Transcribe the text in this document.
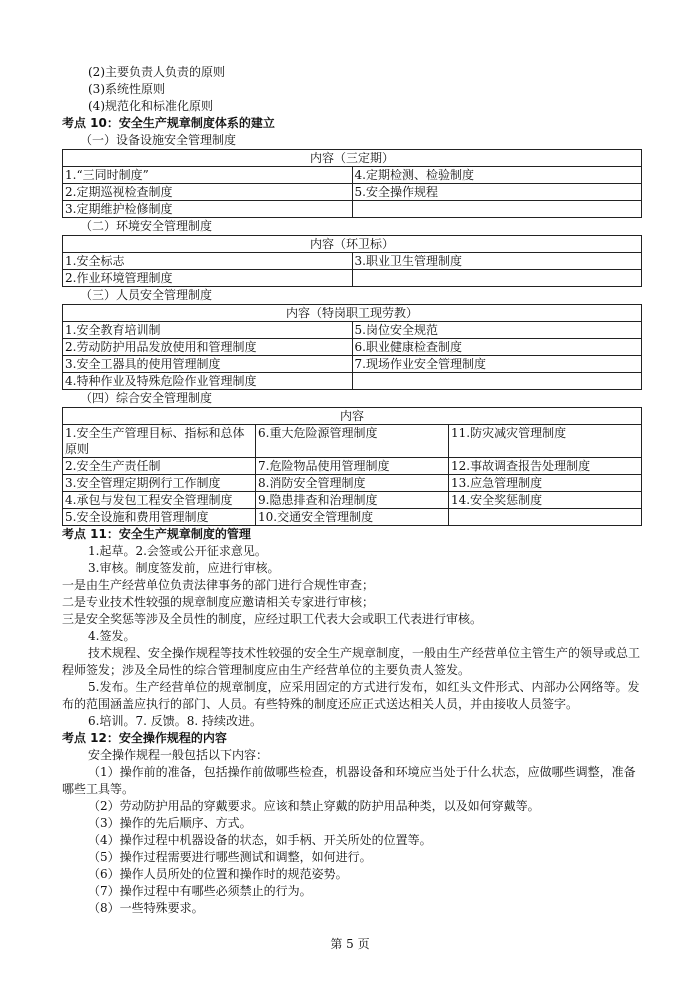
(2)主要负责人负责的原则
(3)系统性原则
(4)规范化和标准化原则
考点 10：安全生产规章制度体系的建立
（一）设备设施安全管理制度
内容（三定期）	
1.“三同时制度”	4.定期检测、检验制度
2.定期巡视检查制度	5.安全操作规程
3.定期维护检修制度	
（二）环境安全管理制度
内容（环卫标）	
1.安全标志	3.职业卫生管理制度
2.作业环境管理制度	
（三）人员安全管理制度
内容（特岗职工现劳教）	
1.安全教育培训制	5.岗位安全规范
2.劳动防护用品发放使用和管理制度	6.职业健康检查制度
3.安全工器具的使用管理制度	7.现场作业安全管理制度
4.特种作业及特殊危险作业管理制度	
（四）综合安全管理制度
内容		
1.安全生产管理目标、指标和总体原则	6.重大危险源管理制度	11.防灾减灾管理制度
2.安全生产责任制	7.危险物品使用管理制度	12.事故调查报告处理制度
3.安全管理定期例行工作制度	8.消防安全管理制度	13.应急管理制度
4.承包与发包工程安全管理制度	9.隐患排查和治理制度	14.安全奖惩制度
5.安全设施和费用管理制度	10.交通安全管理制度	
考点 11：安全生产规章制度的管理
1.起草。2.会签或公开征求意见。
3.审核。制度签发前，应进行审核。
一是由生产经营单位负责法律事务的部门进行合规性审查；
二是专业技术性较强的规章制度应邀请相关专家进行审核；
三是安全奖惩等涉及全员性的制度，应经过职工代表大会或职工代表进行审核。
4.签发。
技术规程、安全操作规程等技术性较强的安全生产规章制度，一般由生产经营单位主管生产的领导或总工程师签发；涉及全局性的综合管理制度应由生产经营单位的主要负责人签发。
5.发布。生产经营单位的规章制度，应采用固定的方式进行发布，如红头文件形式、内部办公网络等。发布的范围涵盖应执行的部门、人员。有些特殊的制度还应正式送达相关人员，并由接收人员签字。
6.培训。7. 反馈。8. 持续改进。
考点 12：安全操作规程的内容
安全操作规程一般包括以下内容：
（1）操作前的准备，包括操作前做哪些检查，机器设备和环境应当处于什么状态，应做哪些调整，准备哪些工具等。
（2）劳动防护用品的穿戴要求。应该和禁止穿戴的防护用品种类，以及如何穿戴等。
（3）操作的先后顺序、方式。
（4）操作过程中机器设备的状态，如手柄、开关所处的位置等。
（5）操作过程需要进行哪些测试和调整，如何进行。
（6）操作人员所处的位置和操作时的规范姿势。
（7）操作过程中有哪些必须禁止的行为。
（8）一些特殊要求。
第 5 页
